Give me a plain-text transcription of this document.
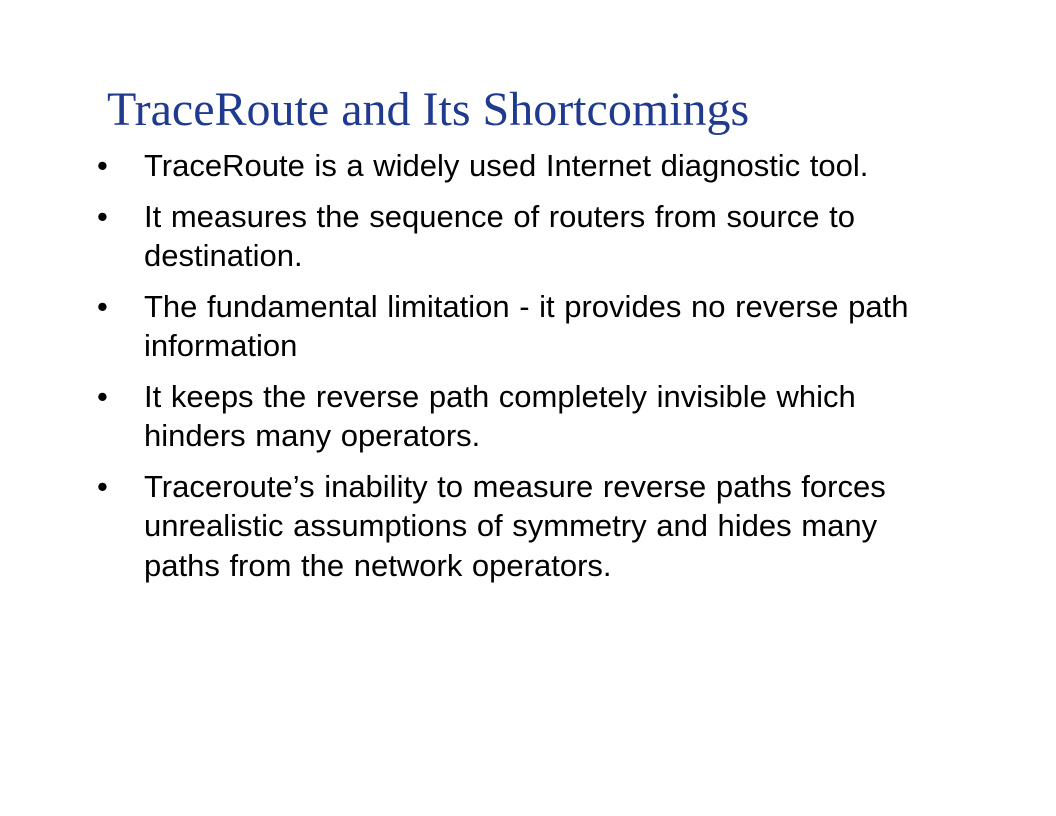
TraceRoute and Its Shortcomings
•	TraceRoute is a widely used Internet diagnostic tool.
•	It measures the sequence of routers from source to destination.
•	The fundamental limitation - it provides no reverse path information
•	It keeps the reverse path completely invisible which hinders many operators.
•	Traceroute’s inability to measure reverse paths forces unrealistic assumptions of symmetry and hides many paths from the network operators.
